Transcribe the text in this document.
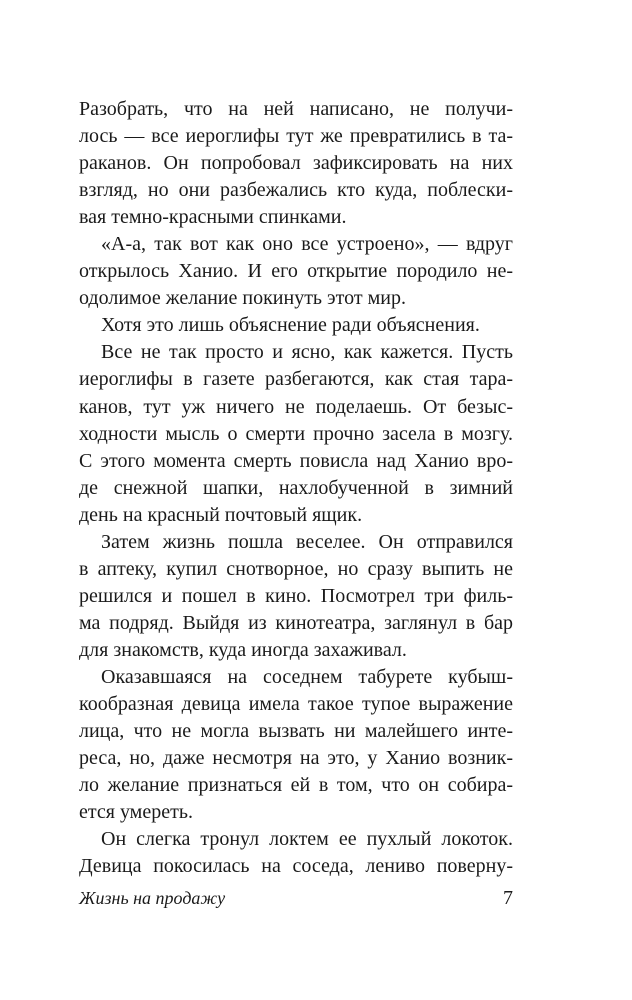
Разобрать, что на ней написано, не получи-
лось — все иероглифы тут же превратились в та-
раканов. Он попробовал зафиксировать на них
взгляд, но они разбежались кто куда, поблески-
вая темно-красными спинками.
«А-а, так вот как оно все устроено», — вдруг
открылось Ханио. И его открытие породило не-
одолимое желание покинуть этот мир.
Хотя это лишь объяснение ради объяснения.
Все не так просто и ясно, как кажется. Пусть
иероглифы в газете разбегаются, как стая тара-
канов, тут уж ничего не поделаешь. От безыс-
ходности мысль о смерти прочно засела в мозгу.
С этого момента смерть повисла над Ханио вро-
де снежной шапки, нахлобученной в зимний
день на красный почтовый ящик.
Затем жизнь пошла веселее. Он отправился
в аптеку, купил снотворное, но сразу выпить не
решился и пошел в кино. Посмотрел три филь-
ма подряд. Выйдя из кинотеатра, заглянул в бар
для знакомств, куда иногда захаживал.
Оказавшаяся на соседнем табурете кубыш-
кообразная девица имела такое тупое выражение
лица, что не могла вызвать ни малейшего инте-
реса, но, даже несмотря на это, у Ханио возник-
ло желание признаться ей в том, что он собира-
ется умереть.
Он слегка тронул локтем ее пухлый локоток.
Девица покосилась на соседа, лениво поверну-
Жизнь на продажу	7
